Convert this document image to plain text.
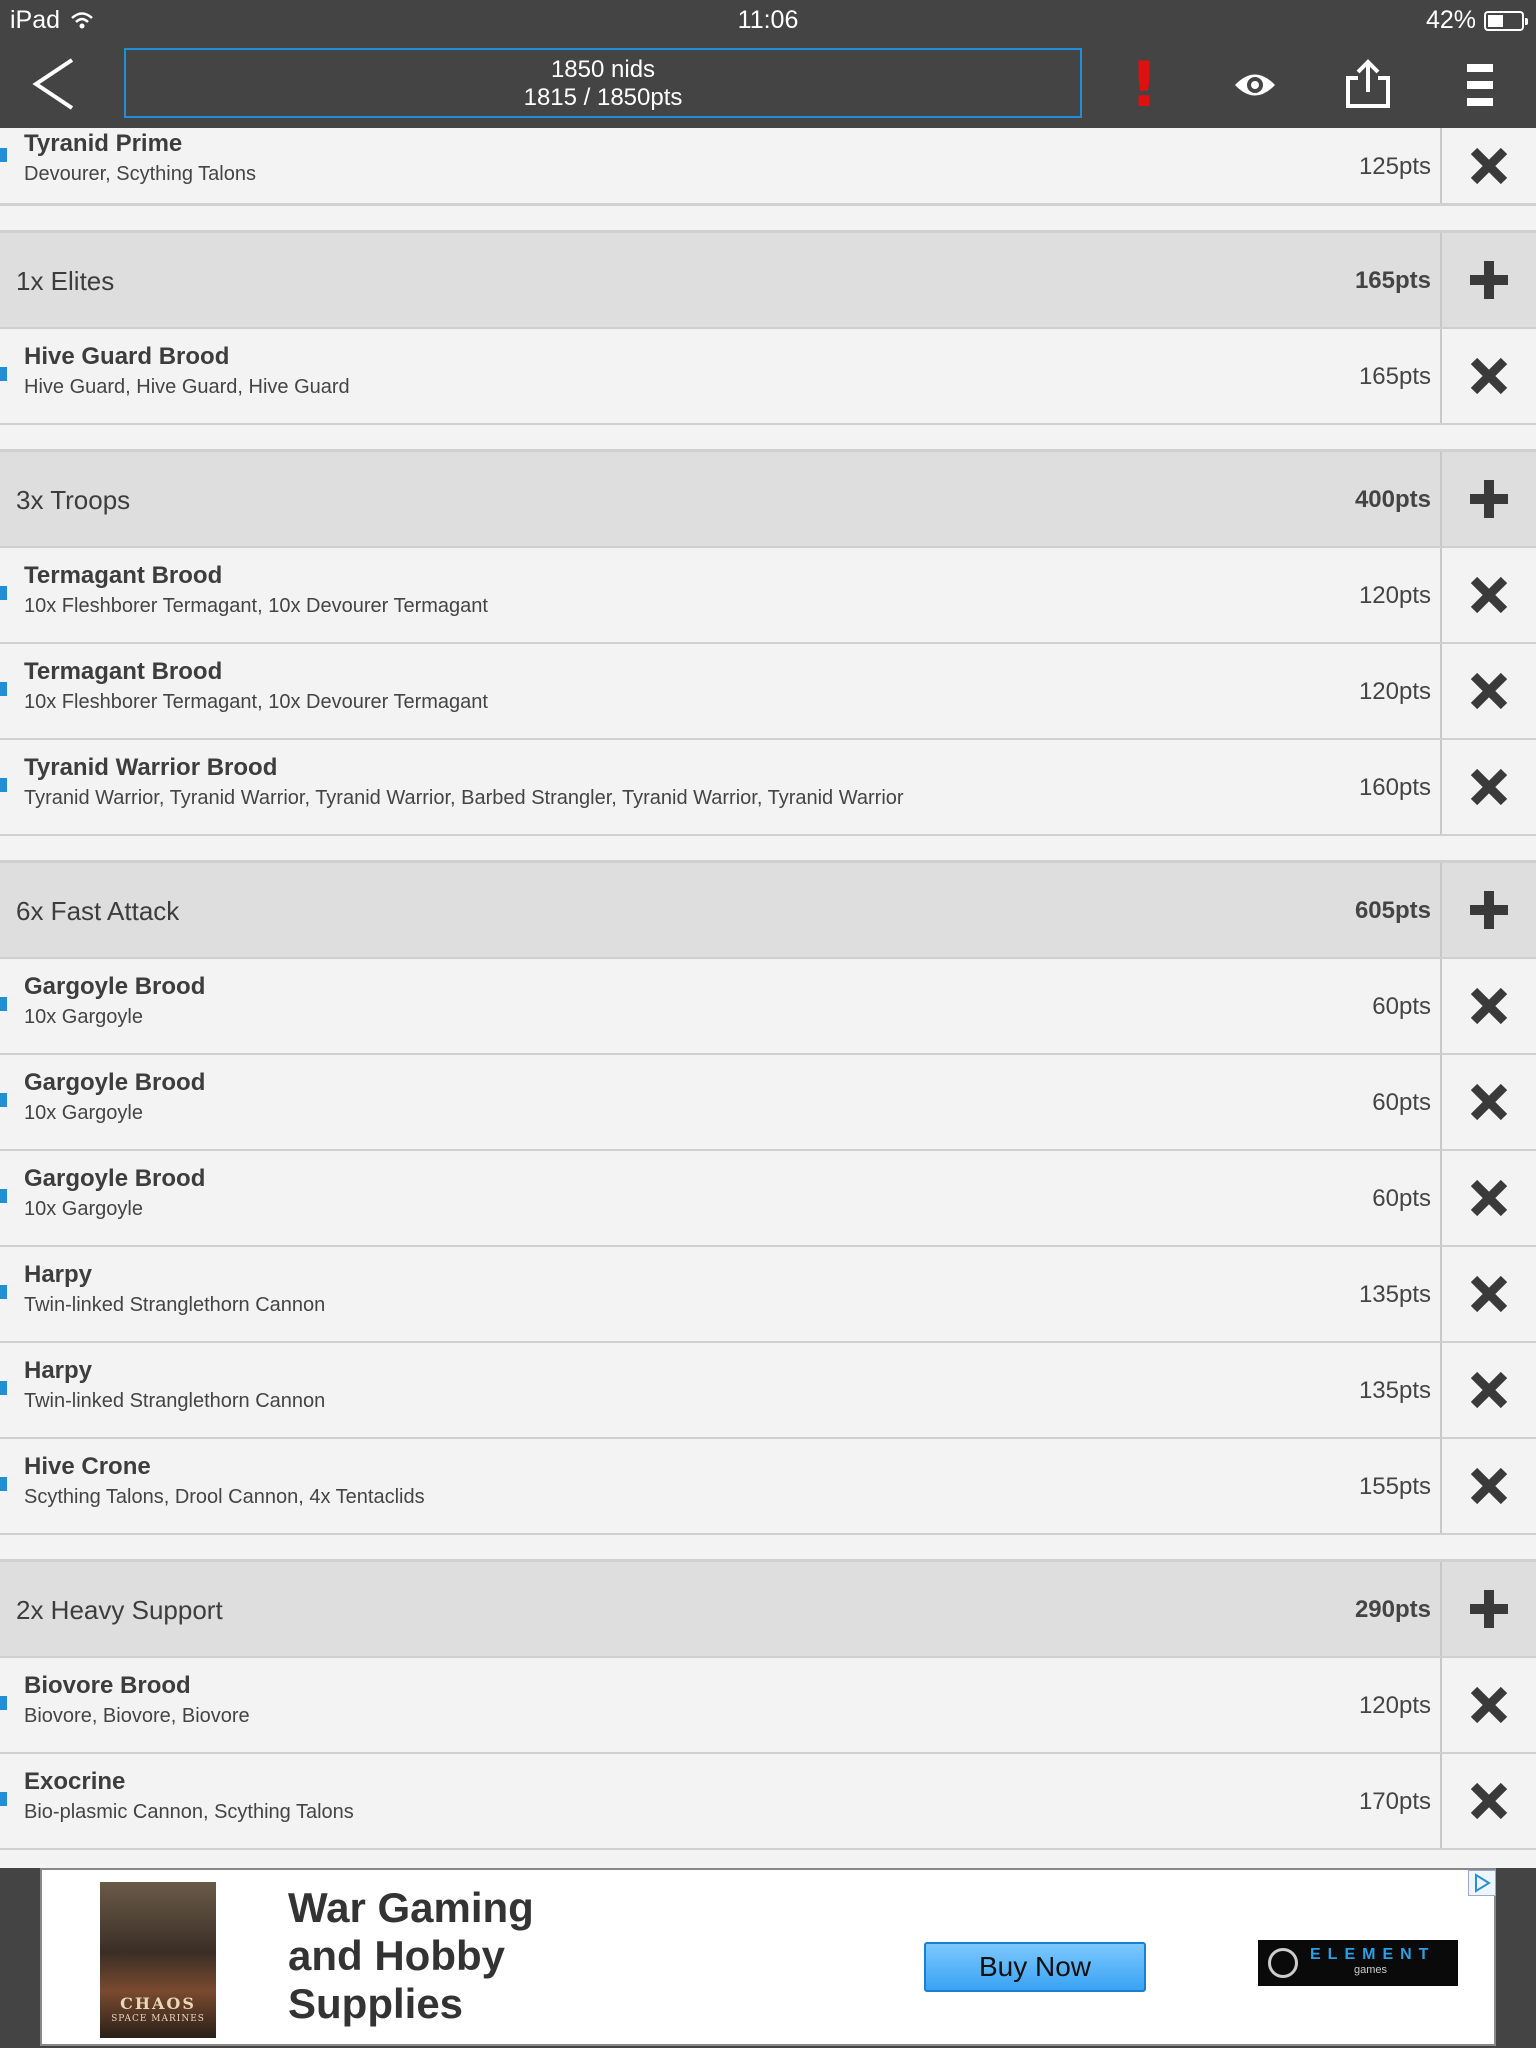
iPad	11:06	42%
1850 nids
1815 / 1850pts	!
Tyranid Prime
Devourer, Scything Talons	125pts
1x Elites	165pts
Hive Guard Brood
Hive Guard, Hive Guard, Hive Guard	165pts
3x Troops	400pts
Termagant Brood
10x Fleshborer Termagant, 10x Devourer Termagant	120pts
Termagant Brood
10x Fleshborer Termagant, 10x Devourer Termagant	120pts
Tyranid Warrior Brood
Tyranid Warrior, Tyranid Warrior, Tyranid Warrior, Barbed Strangler, Tyranid Warrior, Tyranid Warrior	160pts
6x Fast Attack	605pts
Gargoyle Brood
10x Gargoyle	60pts
Gargoyle Brood
10x Gargoyle	60pts
Gargoyle Brood
10x Gargoyle	60pts
Harpy
Twin-linked Stranglethorn Cannon	135pts
Harpy
Twin-linked Stranglethorn Cannon	135pts
Hive Crone
Scything Talons, Drool Cannon, 4x Tentaclids	155pts
2x Heavy Support	290pts
Biovore Brood
Biovore, Biovore, Biovore	120pts
Exocrine
Bio-plasmic Cannon, Scything Talons	170pts
CHAOS
SPACE MARINES
War Gaming
and Hobby
Supplies
Buy Now	ELEMENT
games
